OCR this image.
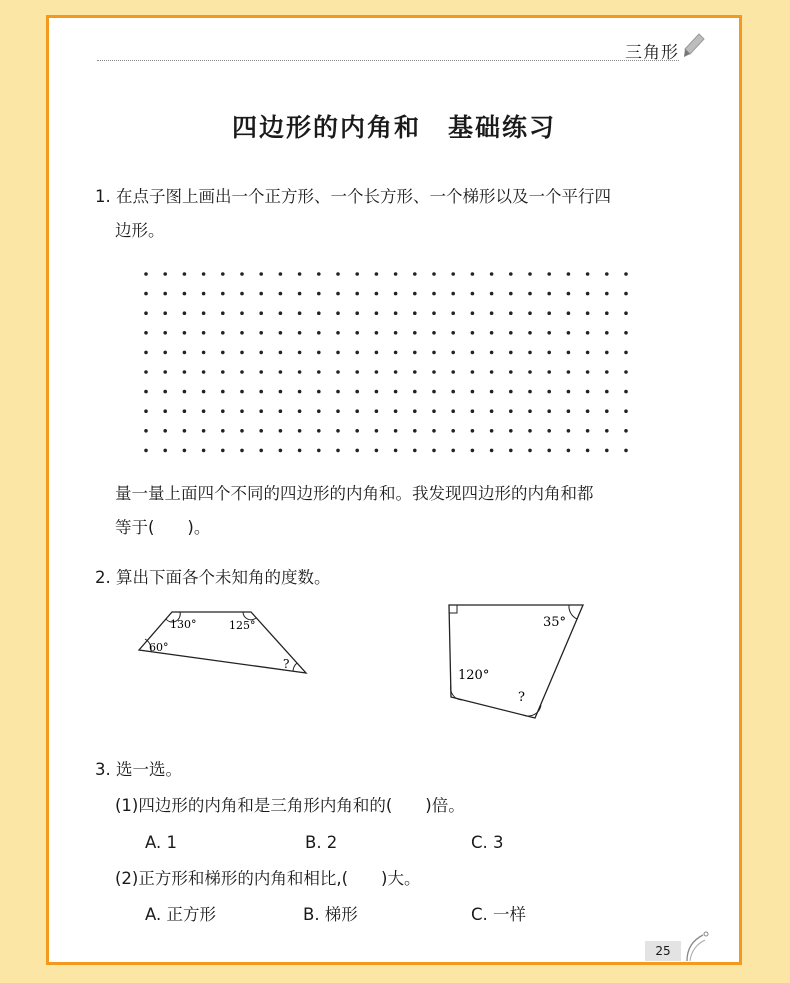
三角形
四边形的内角和　基础练习
1. 在点子图上画出一个正方形、一个长方形、一个梯形以及一个平行四
边形。
量一量上面四个不同的四边形的内角和。我发现四边形的内角和都
等于(　　)。
2. 算出下面各个未知角的度数。
130°	125°
60°
?
35°
120°
?
3. 选一选。
(1)四边形的内角和是三角形内角和的(　　)倍。
A. 1	B. 2	C. 3
(2)正方形和梯形的内角和相比,(　　)大。
A. 正方形	B. 梯形	C. 一样
25
